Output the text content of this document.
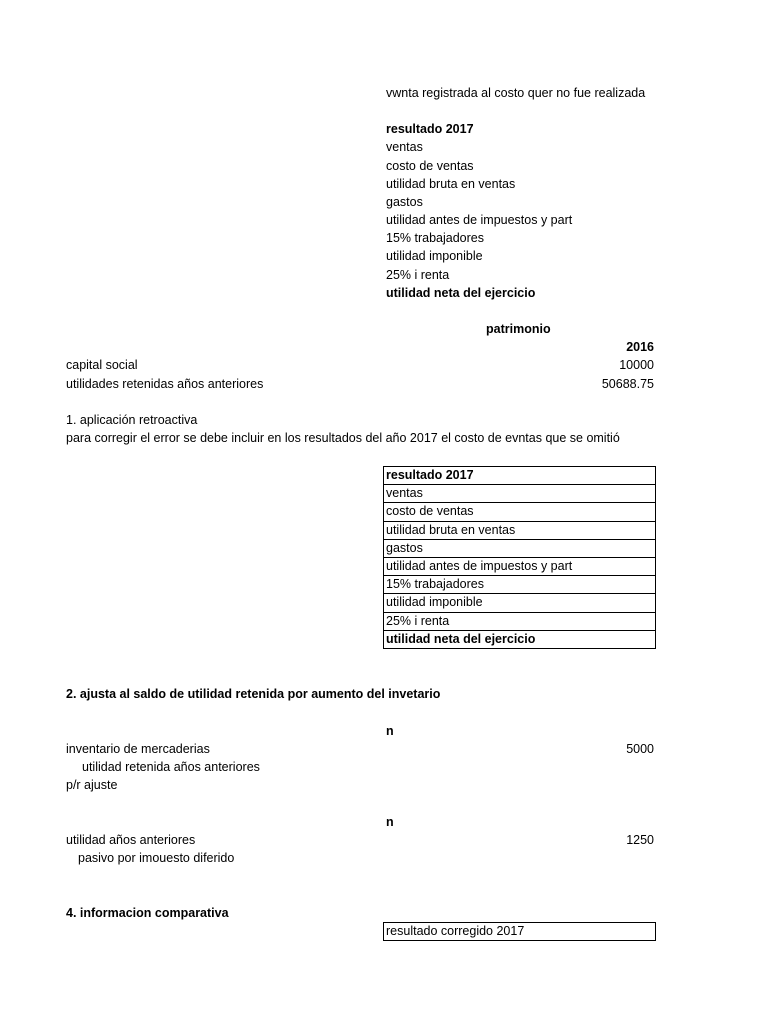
vwnta registrada al costo quer no fue realizada
resultado 2017
ventas
costo de ventas
utilidad bruta en ventas
gastos
utilidad antes de impuestos y part
15% trabajadores
utilidad imponible
25% i renta
utilidad neta del ejercicio
patrimonio
2016
capital social	10000
utilidades retenidas años anteriores	50688.75
1. aplicación retroactiva
para corregir el error se debe incluir en los resultados del año 2017 el costo de evntas que se omitió
resultado 2017
ventas
costo de ventas
utilidad bruta en ventas
gastos
utilidad antes de impuestos y part
15% trabajadores
utilidad imponible
25% i renta
utilidad neta del ejercicio
2. ajusta al saldo de utilidad retenida por aumento del invetario
n
inventario de mercaderias	5000
utilidad retenida años anteriores
p/r ajuste
n
utilidad años anteriores	1250
pasivo por imouesto diferido
4. informacion comparativa
resultado corregido 2017
